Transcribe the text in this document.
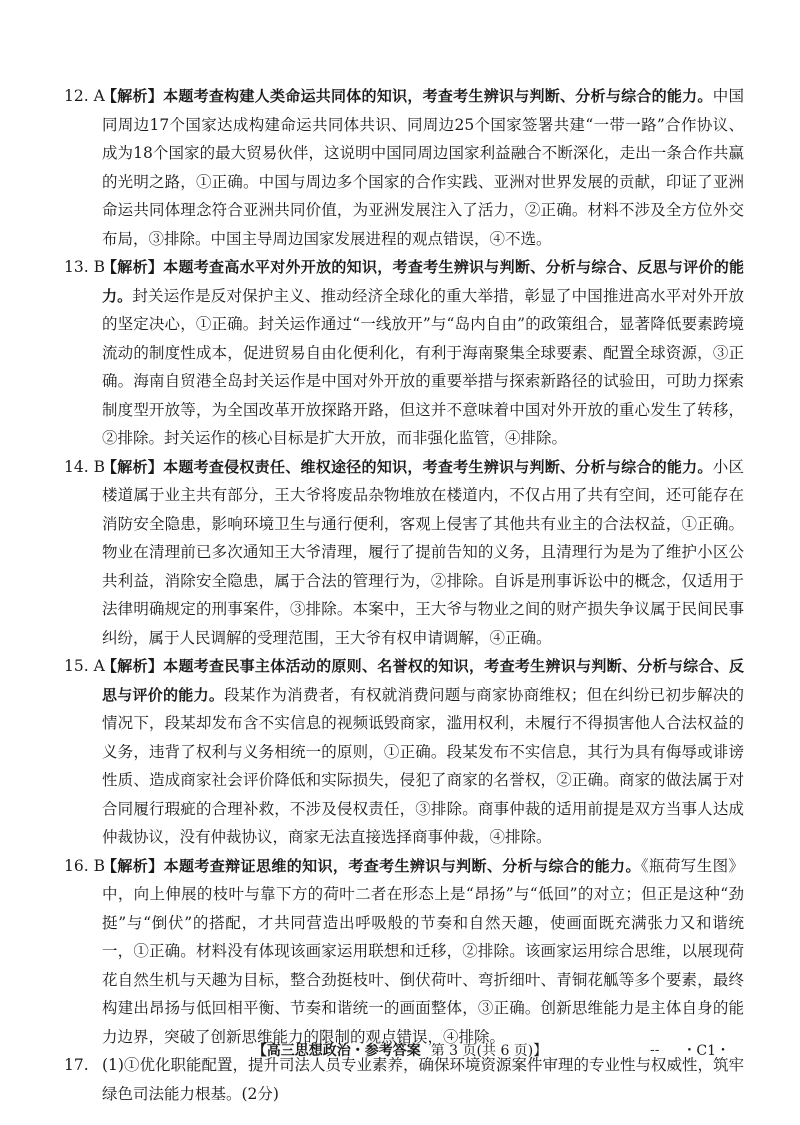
12. A
【解析】本题考查构建人类命运共同体的知识，考查考生辨识与判断、分析与综合的能力。中国同周边17个国家达成构建命运共同体共识、同周边25个国家签署共建“一带一路”合作协议、成为18个国家的最大贸易伙伴，这说明中国同周边国家利益融合不断深化，走出一条合作共赢的光明之路，①正确。中国与周边多个国家的合作实践、亚洲对世界发展的贡献，印证了亚洲命运共同体理念符合亚洲共同价值，为亚洲发展注入了活力，②正确。材料不涉及全方位外交布局，③排除。中国主导周边国家发展进程的观点错误，④不选。

13. B
【解析】本题考查高水平对外开放的知识，考查考生辨识与判断、分析与综合、反思与评价的能力。封关运作是反对保护主义、推动经济全球化的重大举措，彰显了中国推进高水平对外开放的坚定决心，①正确。封关运作通过“一线放开”与“岛内自由”的政策组合，显著降低要素跨境流动的制度性成本，促进贸易自由化便利化，有利于海南聚集全球要素、配置全球资源，③正确。海南自贸港全岛封关运作是中国对外开放的重要举措与探索新路径的试验田，可助力探索制度型开放等，为全国改革开放探路开路，但这并不意味着中国对外开放的重心发生了转移，②排除。封关运作的核心目标是扩大开放，而非强化监管，④排除。

14. B
【解析】本题考查侵权责任、维权途径的知识，考查考生辨识与判断、分析与综合的能力。小区楼道属于业主共有部分，王大爷将废品杂物堆放在楼道内，不仅占用了共有空间，还可能存在消防安全隐患，影响环境卫生与通行便利，客观上侵害了其他共有业主的合法权益，①正确。物业在清理前已多次通知王大爷清理，履行了提前告知的义务，且清理行为是为了维护小区公共利益，消除安全隐患，属于合法的管理行为，②排除。自诉是刑事诉讼中的概念，仅适用于法律明确规定的刑事案件，③排除。本案中，王大爷与物业之间的财产损失争议属于民间民事纠纷，属于人民调解的受理范围，王大爷有权申请调解，④正确。

15. A
【解析】本题考查民事主体活动的原则、名誉权的知识，考查考生辨识与判断、分析与综合、反思与评价的能力。段某作为消费者，有权就消费问题与商家协商维权；但在纠纷已初步解决的情况下，段某却发布含不实信息的视频诋毁商家，滥用权利，未履行不得损害他人合法权益的义务，违背了权利与义务相统一的原则，①正确。段某发布不实信息，其行为具有侮辱或诽谤性质、造成商家社会评价降低和实际损失，侵犯了商家的名誉权，②正确。商家的做法属于对合同履行瑕疵的合理补救，不涉及侵权责任，③排除。商事仲裁的适用前提是双方当事人达成仲裁协议，没有仲裁协议，商家无法直接选择商事仲裁，④排除。

16. B
【解析】本题考查辩证思维的知识，考查考生辨识与判断、分析与综合的能力。《瓶荷写生图》中，向上伸展的枝叶与靠下方的荷叶二者在形态上是“昂扬”与“低回”的对立；但正是这种“劲挺”与“倒伏”的搭配，才共同营造出呼吸般的节奏和自然天趣，使画面既充满张力又和谐统一，①正确。材料没有体现该画家运用联想和迁移，②排除。该画家运用综合思维，以展现荷花自然生机与天趣为目标，整合劲挺枝叶、倒伏荷叶、弯折细叶、青铜花觚等多个要素，最终构建出昂扬与低回相平衡、节奏和谐统一的画面整体，③正确。创新思维能力是主体自身的能力边界，突破了创新思维能力的限制的观点错误，④排除。

17. (1)①优化职能配置，提升司法人员专业素养，确保环境资源案件审理的专业性与权威性，筑牢绿色司法能力根基。(2分)

【高三思想政治・参考答案 第 3 页(共 6 页)】	-- ・C1・
